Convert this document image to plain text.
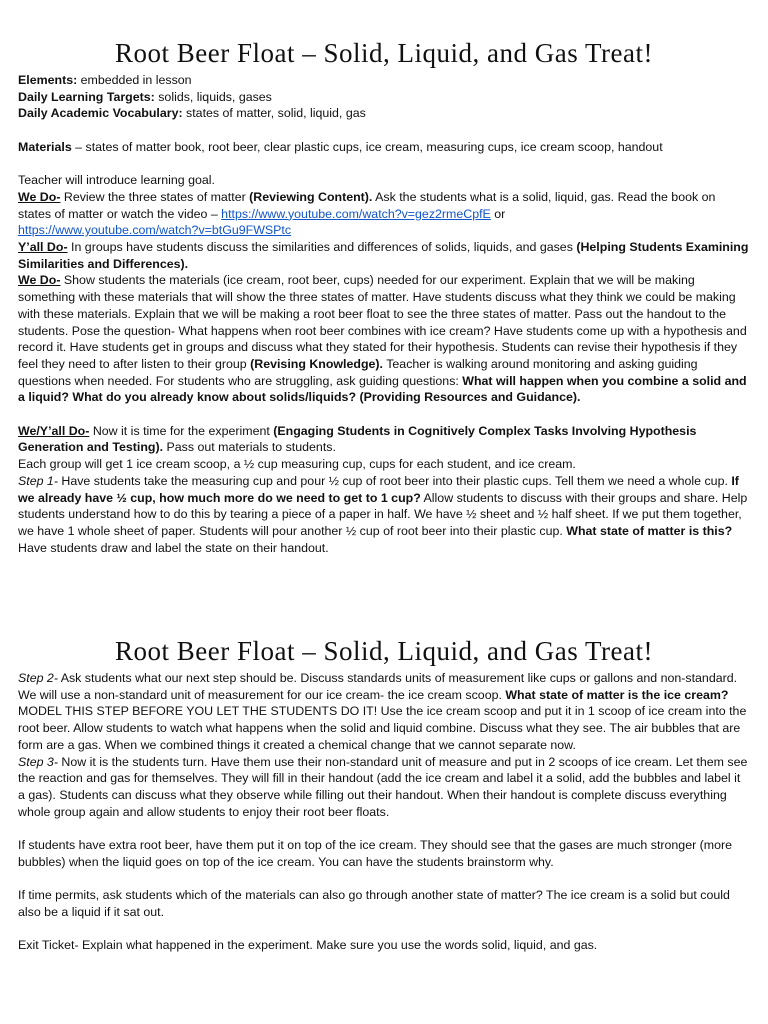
Root Beer Float – Solid, Liquid, and Gas Treat!

Elements: embedded in lesson

Daily Learning Targets: solids, liquids, gases

Daily Academic Vocabulary: states of matter, solid, liquid, gas

Materials – states of matter book, root beer, clear plastic cups, ice cream, measuring cups, ice cream scoop, handout

Teacher will introduce learning goal.

We Do- Review the three states of matter (Reviewing Content). Ask the students what is a solid, liquid, gas. Read the book on states of matter or watch the video – https://www.youtube.com/watch?v=gez2rmeCpfE or
https://www.youtube.com/watch?v=btGu9FWSPtc

Y’all Do- In groups have students discuss the similarities and differences of solids, liquids, and gases (Helping Students Examining Similarities and Differences).

We Do- Show students the materials (ice cream, root beer, cups) needed for our experiment. Explain that we will be making something with these materials that will show the three states of matter. Have students discuss what they think we could be making with these materials. Explain that we will be making a root beer float to see the three states of matter. Pass out the handout to the students. Pose the question- What happens when root beer combines with ice cream? Have students come up with a hypothesis and record it. Have students get in groups and discuss what they stated for their hypothesis. Students can revise their hypothesis if they feel they need to after listen to their group (Revising Knowledge). Teacher is walking around monitoring and asking guiding questions when needed. For students who are struggling, ask guiding questions: What will happen when you combine a solid and a liquid? What do you already know about solids/liquids? (Providing Resources and Guidance).

We/Y’all Do- Now it is time for the experiment (Engaging Students in Cognitively Complex Tasks Involving Hypothesis Generation and Testing). Pass out materials to students.

Each group will get 1 ice cream scoop, a ½ cup measuring cup, cups for each student, and ice cream.

Step 1- Have students take the measuring cup and pour ½ cup of root beer into their plastic cups. Tell them we need a whole cup. If we already have ½ cup, how much more do we need to get to 1 cup? Allow students to discuss with their groups and share. Help students understand how to do this by tearing a piece of a paper in half. We have ½ sheet and ½ half sheet. If we put them together, we have 1 whole sheet of paper. Students will pour another ½ cup of root beer into their plastic cup. What state of matter is this? Have students draw and label the state on their handout.

Root Beer Float – Solid, Liquid, and Gas Treat!

Step 2- Ask students what our next step should be. Discuss standards units of measurement like cups or gallons and non-standard. We will use a non-standard unit of measurement for our ice cream- the ice cream scoop. What state of matter is the ice cream? MODEL THIS STEP BEFORE YOU LET THE STUDENTS DO IT! Use the ice cream scoop and put it in 1 scoop of ice cream into the root beer. Allow students to watch what happens when the solid and liquid combine. Discuss what they see. The air bubbles that are form are a gas. When we combined things it created a chemical change that we cannot separate now.

Step 3- Now it is the students turn. Have them use their non-standard unit of measure and put in 2 scoops of ice cream. Let them see the reaction and gas for themselves. They will fill in their handout (add the ice cream and label it a solid, add the bubbles and label it a gas). Students can discuss what they observe while filling out their handout. When their handout is complete discuss everything whole group again and allow students to enjoy their root beer floats.

If students have extra root beer, have them put it on top of the ice cream. They should see that the gases are much stronger (more bubbles) when the liquid goes on top of the ice cream. You can have the students brainstorm why.

If time permits, ask students which of the materials can also go through another state of matter? The ice cream is a solid but could also be a liquid if it sat out.

Exit Ticket- Explain what happened in the experiment. Make sure you use the words solid, liquid, and gas.
